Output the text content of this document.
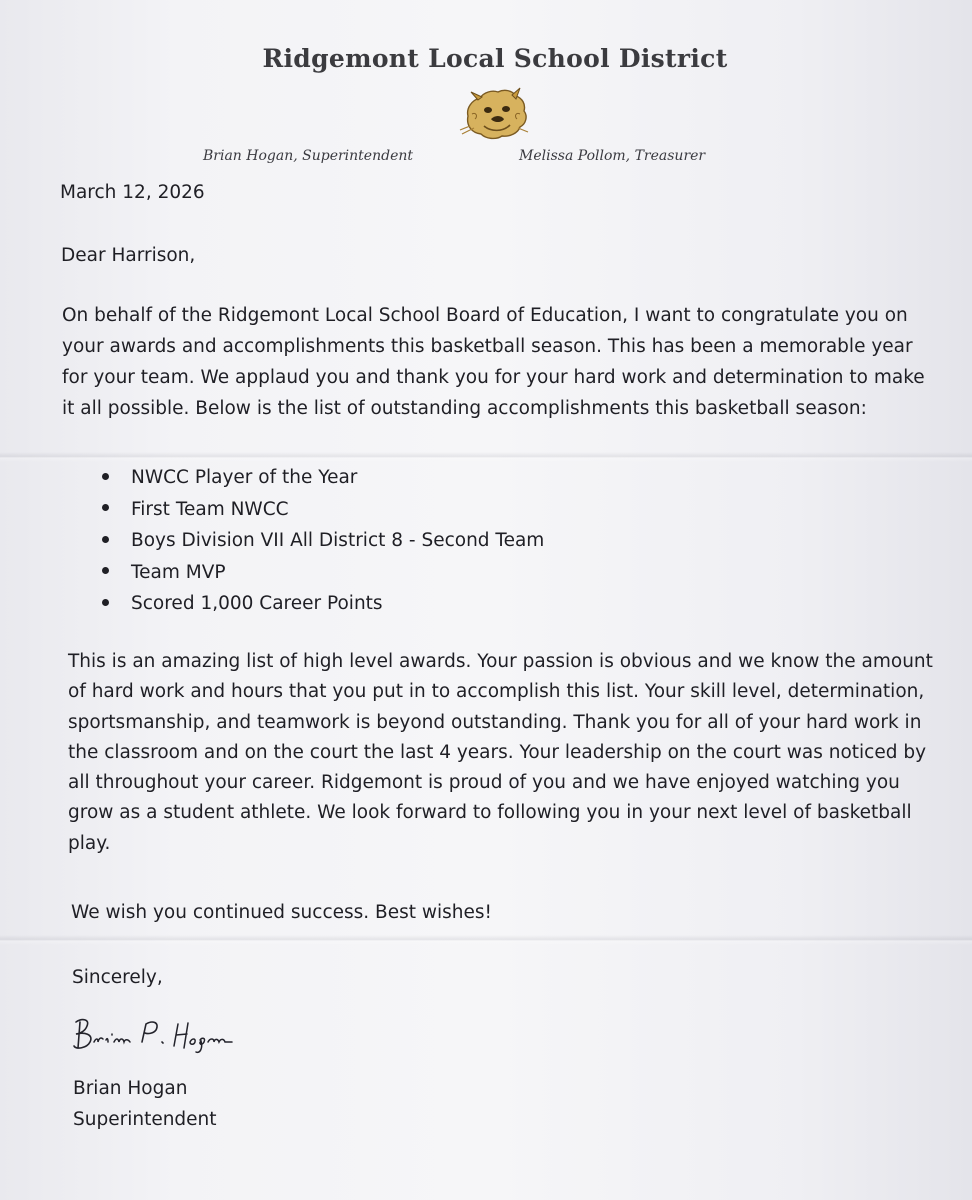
Ridgemont Local School District
Brian Hogan, Superintendent	Melissa Pollom, Treasurer
March 12, 2026
Dear Harrison,
On behalf of the Ridgemont Local School Board of Education, I want to congratulate you on
your awards and accomplishments this basketball season. This has been a memorable year
for your team. We applaud you and thank you for your hard work and determination to make
it all possible. Below is the list of outstanding accomplishments this basketball season:
NWCC Player of the Year
First Team NWCC
Boys Division VII All District 8 - Second Team
Team MVP
Scored 1,000 Career Points
This is an amazing list of high level awards. Your passion is obvious and we know the amount
of hard work and hours that you put in to accomplish this list. Your skill level, determination,
sportsmanship, and teamwork is beyond outstanding. Thank you for all of your hard work in
the classroom and on the court the last 4 years. Your leadership on the court was noticed by
all throughout your career. Ridgemont is proud of you and we have enjoyed watching you
grow as a student athlete. We look forward to following you in your next level of basketball
play.
We wish you continued success. Best wishes!
Sincerely,
Brian Hogan
Superintendent
